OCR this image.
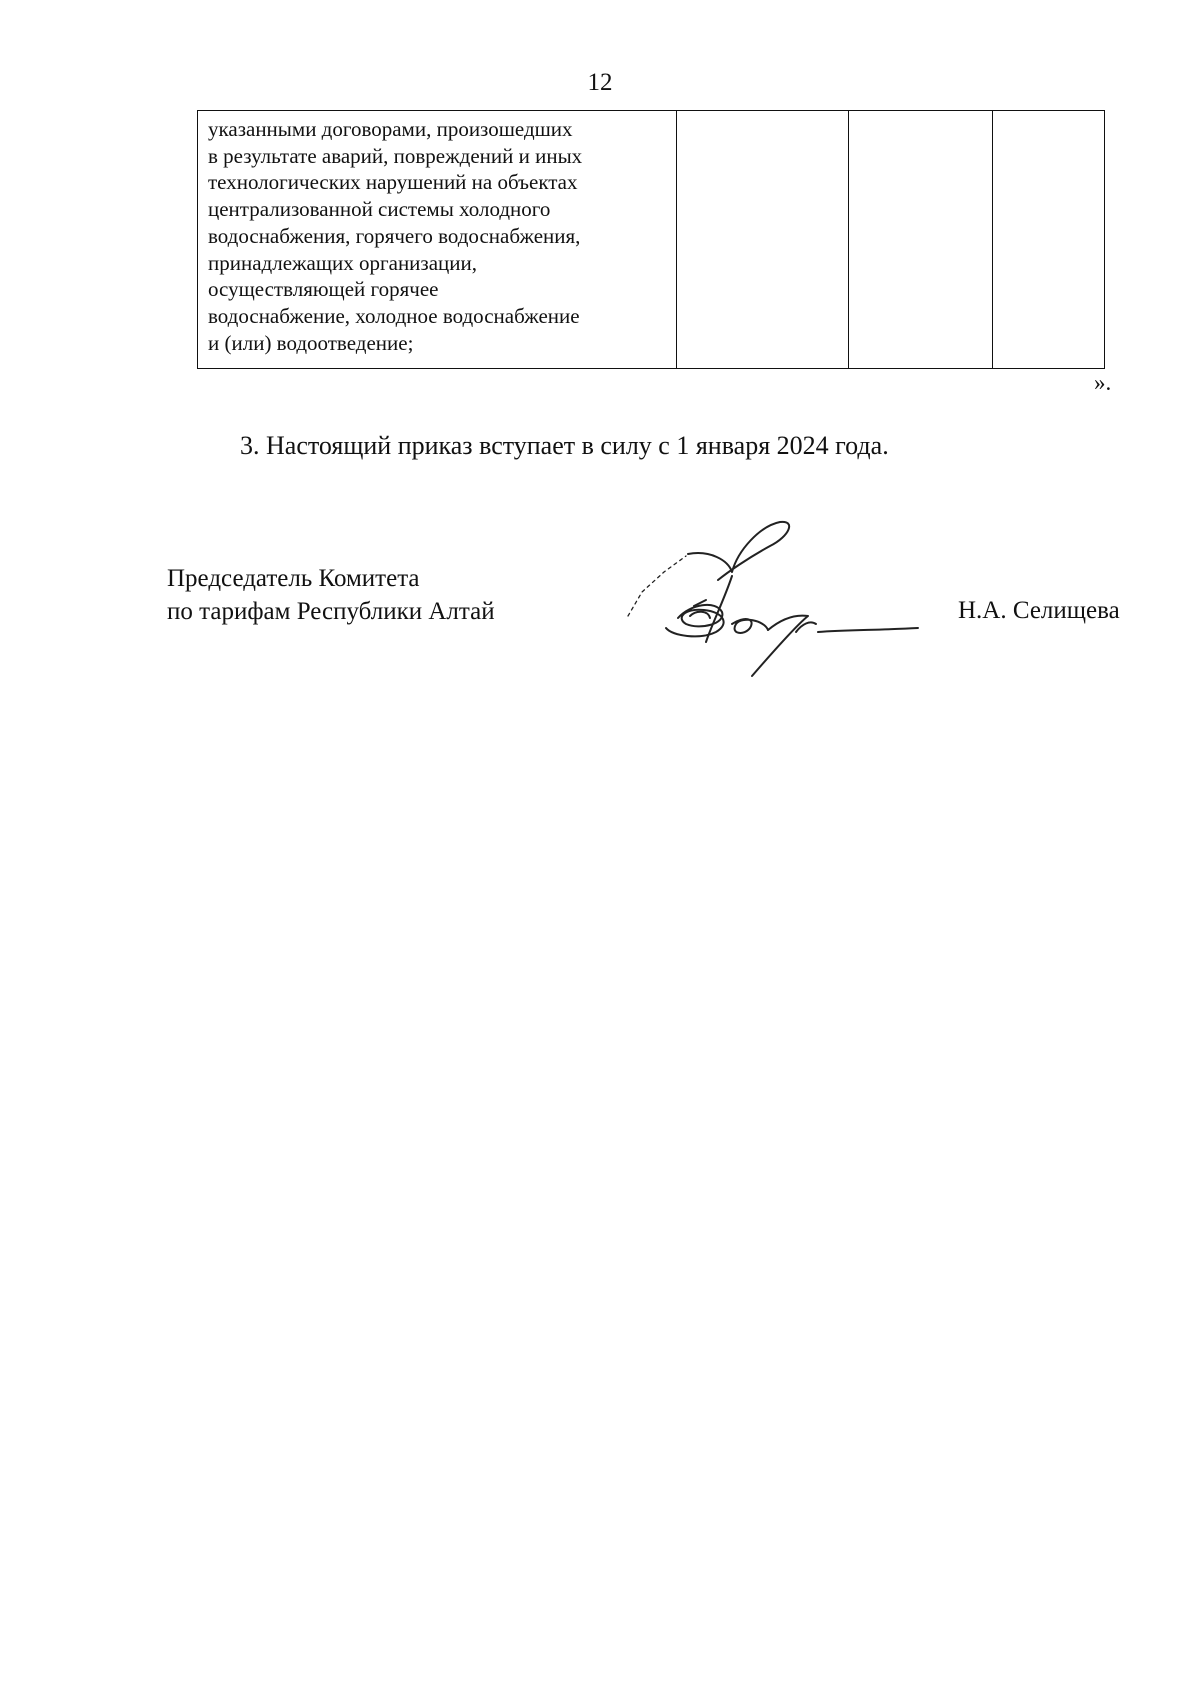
12
указанными договорами, произошедших
в результате аварий, повреждений и иных
технологических нарушений на объектах
централизованной системы холодного
водоснабжения, горячего водоснабжения,
принадлежащих организации,
осуществляющей горячее
водоснабжение, холодное водоснабжение
и (или) водоотведение;

».
3. Настоящий приказ вступает в силу с 1 января 2024 года.
Председатель Комитета
по тарифам Республики Алтай	Н.А. Селищева
